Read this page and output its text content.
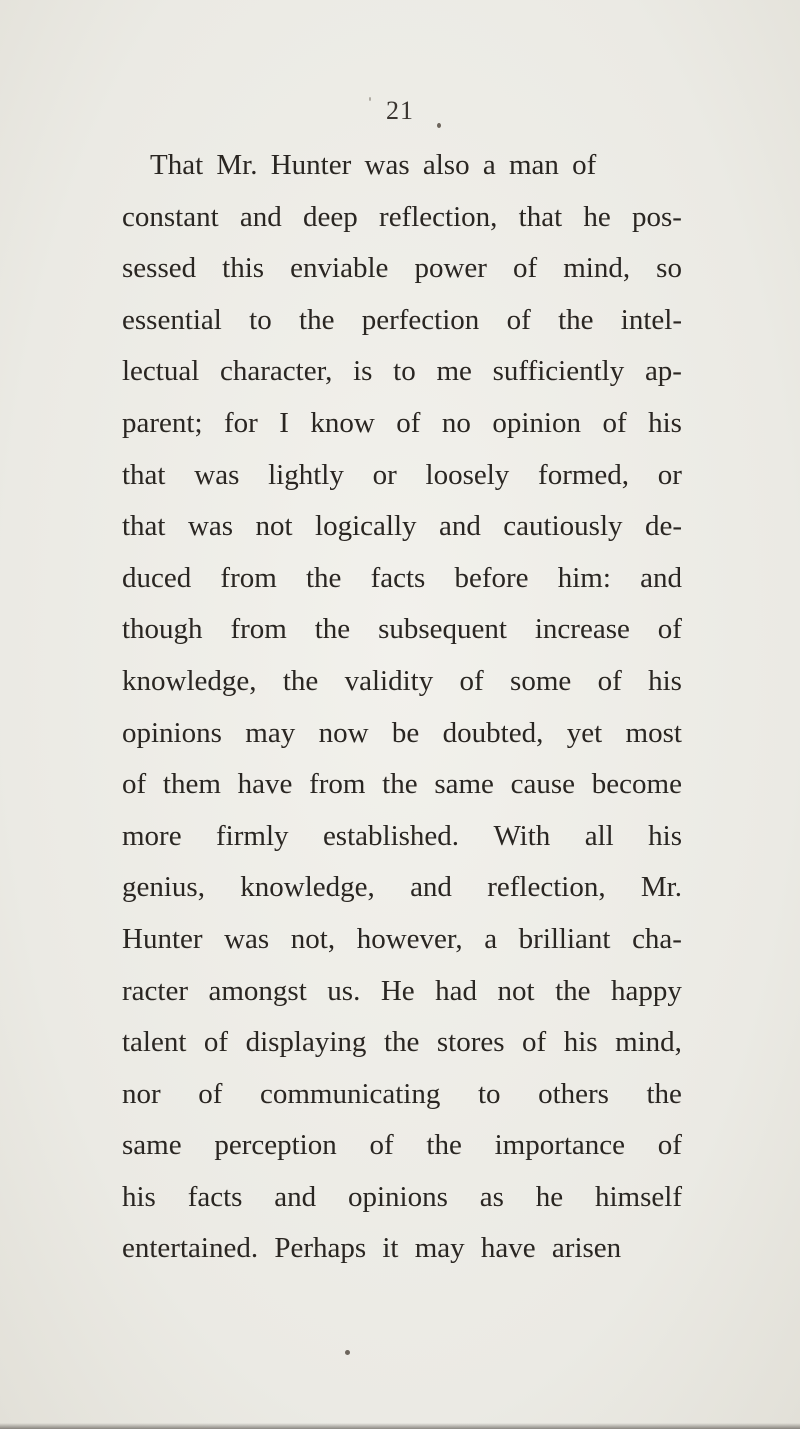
21
That Mr. Hunter was also a man of
constant and deep reflection, that he pos-
sessed this enviable power of mind, so
essential to the perfection of the intel-
lectual character, is to me sufficiently ap-
parent; for I know of no opinion of his
that was lightly or loosely formed, or
that was not logically and cautiously de-
duced from the facts before him: and
though from the subsequent increase of
knowledge, the validity of some of his
opinions may now be doubted, yet most
of them have from the same cause become
more firmly established. With all his
genius, knowledge, and reflection, Mr.
Hunter was not, however, a brilliant cha-
racter amongst us. He had not the happy
talent of displaying the stores of his mind,
nor of communicating to others the
same perception of the importance of
his facts and opinions as he himself
entertained. Perhaps it may have arisen
